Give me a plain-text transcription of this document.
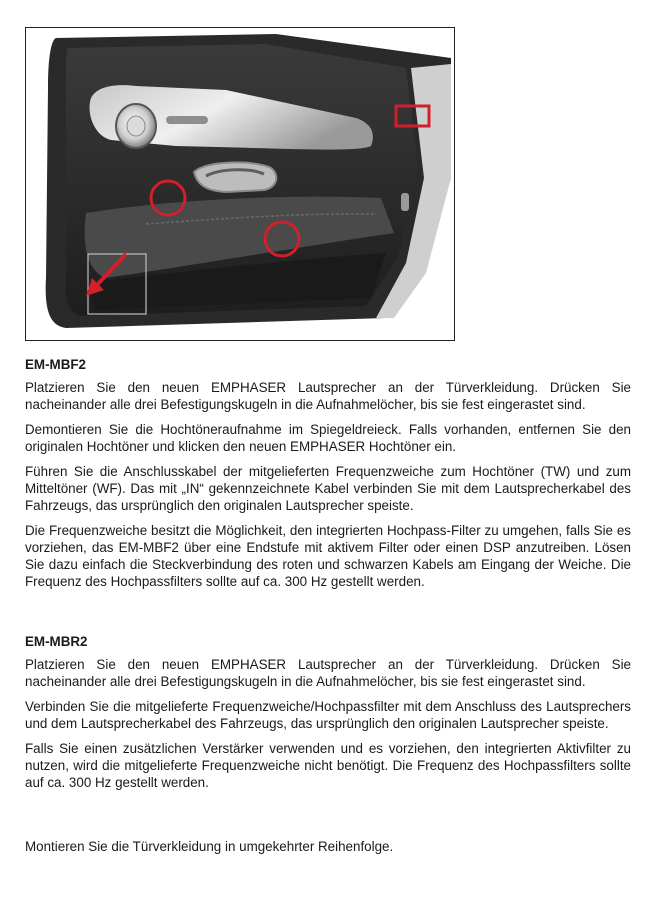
EM-MBF2

Platzieren Sie den neuen EMPHASER Lautsprecher an der Türverkleidung. Drücken Sie nacheinander alle drei Befestigungskugeln in die Aufnahmelöcher, bis sie fest eingerastet sind.

Demontieren Sie die Hochtöneraufnahme im Spiegeldreieck. Falls vorhanden, entfernen Sie den originalen Hochtöner und klicken den neuen EMPHASER Hochtöner ein.

Führen Sie die Anschlusskabel der mitgelieferten Frequenzweiche zum Hochtöner (TW) und zum Mitteltöner (WF). Das mit „IN“ gekennzeichnete Kabel verbinden Sie mit dem Lautsprecherkabel des Fahrzeugs, das ursprünglich den originalen Lautsprecher speiste.

Die Frequenzweiche besitzt die Möglichkeit, den integrierten Hochpass-Filter zu umgehen, falls Sie es vorziehen, das EM-MBF2 über eine Endstufe mit aktivem Filter oder einen DSP anzutreiben. Lösen Sie dazu einfach die Steckverbindung des roten und schwarzen Kabels am Eingang der Weiche. Die Frequenz des Hochpassfilters sollte auf ca. 300 Hz gestellt werden.

EM-MBR2

Platzieren Sie den neuen EMPHASER Lautsprecher an der Türverkleidung. Drücken Sie nacheinander alle drei Befestigungskugeln in die Aufnahmelöcher, bis sie fest eingerastet sind.

Verbinden Sie die mitgelieferte Frequenzweiche/Hochpassfilter mit dem Anschluss des Lautsprechers und dem Lautsprecherkabel des Fahrzeugs, das ursprünglich den originalen Lautsprecher speiste.

Falls Sie einen zusätzlichen Verstärker verwenden und es vorziehen, den integrierten Aktivfilter zu nutzen, wird die mitgelieferte Frequenzweiche nicht benötigt. Die Frequenz des Hochpassfilters sollte auf ca. 300 Hz gestellt werden.

Montieren Sie die Türverkleidung in umgekehrter Reihenfolge.
